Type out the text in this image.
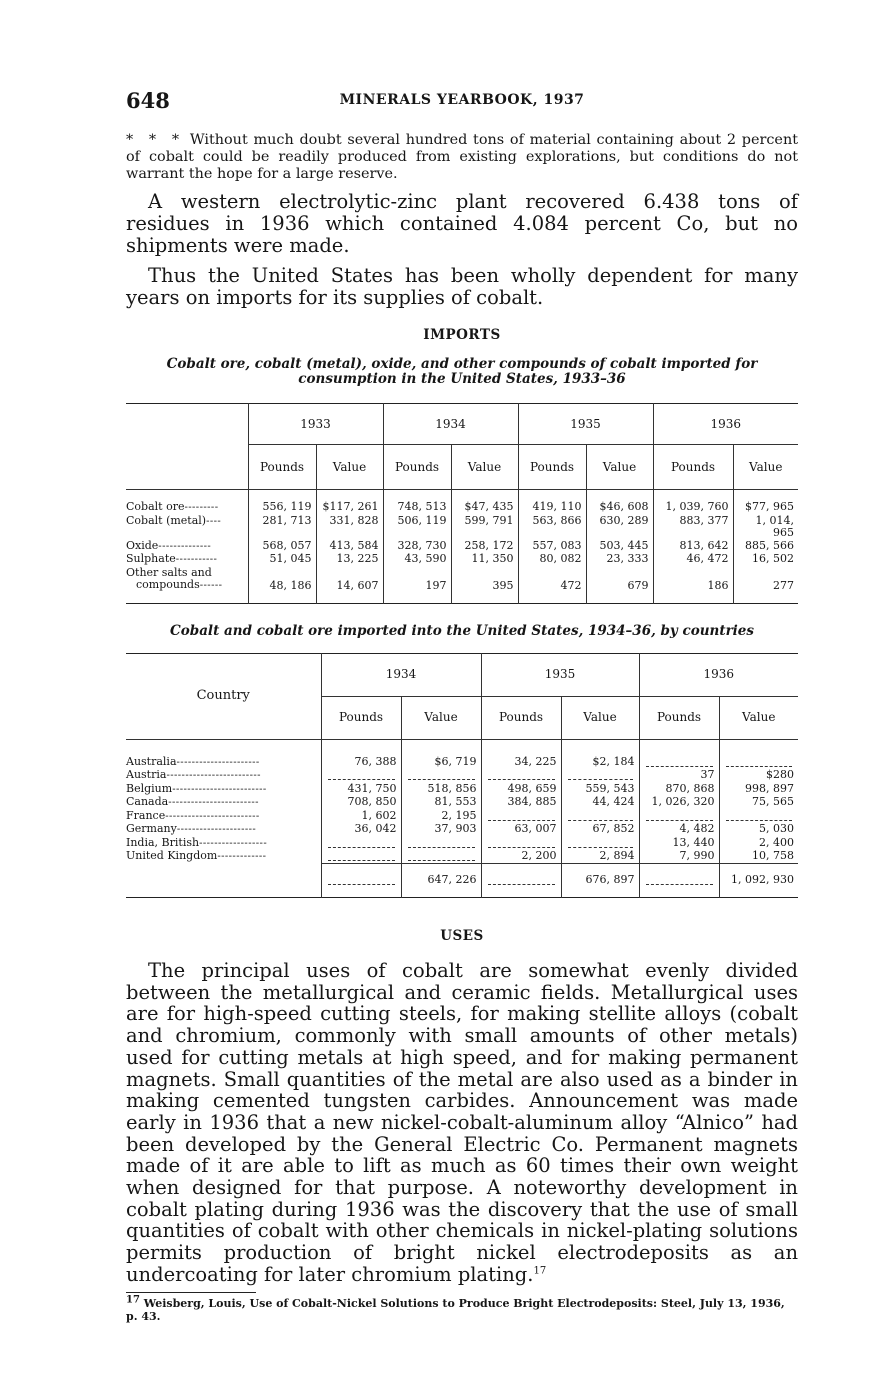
648	MINERALS YEARBOOK, 1937

* * * Without much doubt several hundred tons of material containing about 2 percent of cobalt could be readily produced from existing explorations, but conditions do not warrant the hope for a large reserve.

A western electrolytic-zinc plant recovered 6.438 tons of residues in 1936 which contained 4.084 percent Co, but no shipments were made.

Thus the United States has been wholly dependent for many years on imports for its supplies of cobalt.

IMPORTS

Cobalt ore, cobalt (metal), oxide, and other compounds of cobalt imported for consumption in the United States, 1933–36

	1933		1934		1935		1936	
	Pounds	Value	Pounds	Value	Pounds	Value	Pounds	Value
Cobalt ore---------	556, 119	$117, 261	748, 513	$47, 435	419, 110	$46, 608	1, 039, 760	$77, 965
Cobalt (metal)----	281, 713	331, 828	506, 119	599, 791	563, 866	630, 289	883, 377	1, 014, 965
Oxide--------------	568, 057	413, 584	328, 730	258, 172	557, 083	503, 445	813, 642	885, 566
Sulphate-----------	51, 045	13, 225	43, 590	11, 350	80, 082	23, 333	46, 472	16, 502
Other salts and
compounds------	48, 186	14, 607	197	395	472	679	186	277

Cobalt and cobalt ore imported into the United States, 1934–36, by countries

Country	1934		1935		1936	
	Pounds	Value	Pounds	Value	Pounds	Value
Australia----------------------	76, 388	$6, 719	34, 225	$2, 184	

Austria-------------------------					37	$280
Belgium-------------------------	431, 750	518, 856	498, 659	559, 543	870, 868	998, 897
Canada------------------------	708, 850	81, 553	384, 885	44, 424	1, 026, 320	75, 565
France-------------------------	1, 602	2, 195	

Germany---------------------	36, 042	37, 903	63, 007	67, 852	4, 482	5, 030
India, British------------------					13, 440	2, 400
United Kingdom-------------			2, 200	2, 894	7, 990	10, 758

	647, 226		676, 897		1, 092, 930
USES

The principal uses of cobalt are somewhat evenly divided between the metallurgical and ceramic fields. Metallurgical uses are for high-speed cutting steels, for making stellite alloys (cobalt and chromium, commonly with small amounts of other metals) used for cutting metals at high speed, and for making permanent magnets. Small quantities of the metal are also used as a binder in making cemented tungsten carbides. Announcement was made early in 1936 that a new nickel-cobalt-aluminum alloy “Alnico” had been developed by the General Electric Co. Permanent magnets made of it are able to lift as much as 60 times their own weight when designed for that purpose. A noteworthy development in cobalt plating during 1936 was the discovery that the use of small quantities of cobalt with other chemicals in nickel-plating solutions permits production of bright nickel electrodeposits as an undercoating for later chromium plating.$^{17}$

$^{17}$ Weisberg, Louis, Use of Cobalt-Nickel Solutions to Produce Bright Electrodeposits: Steel, July 13, 1936, p. 43.
